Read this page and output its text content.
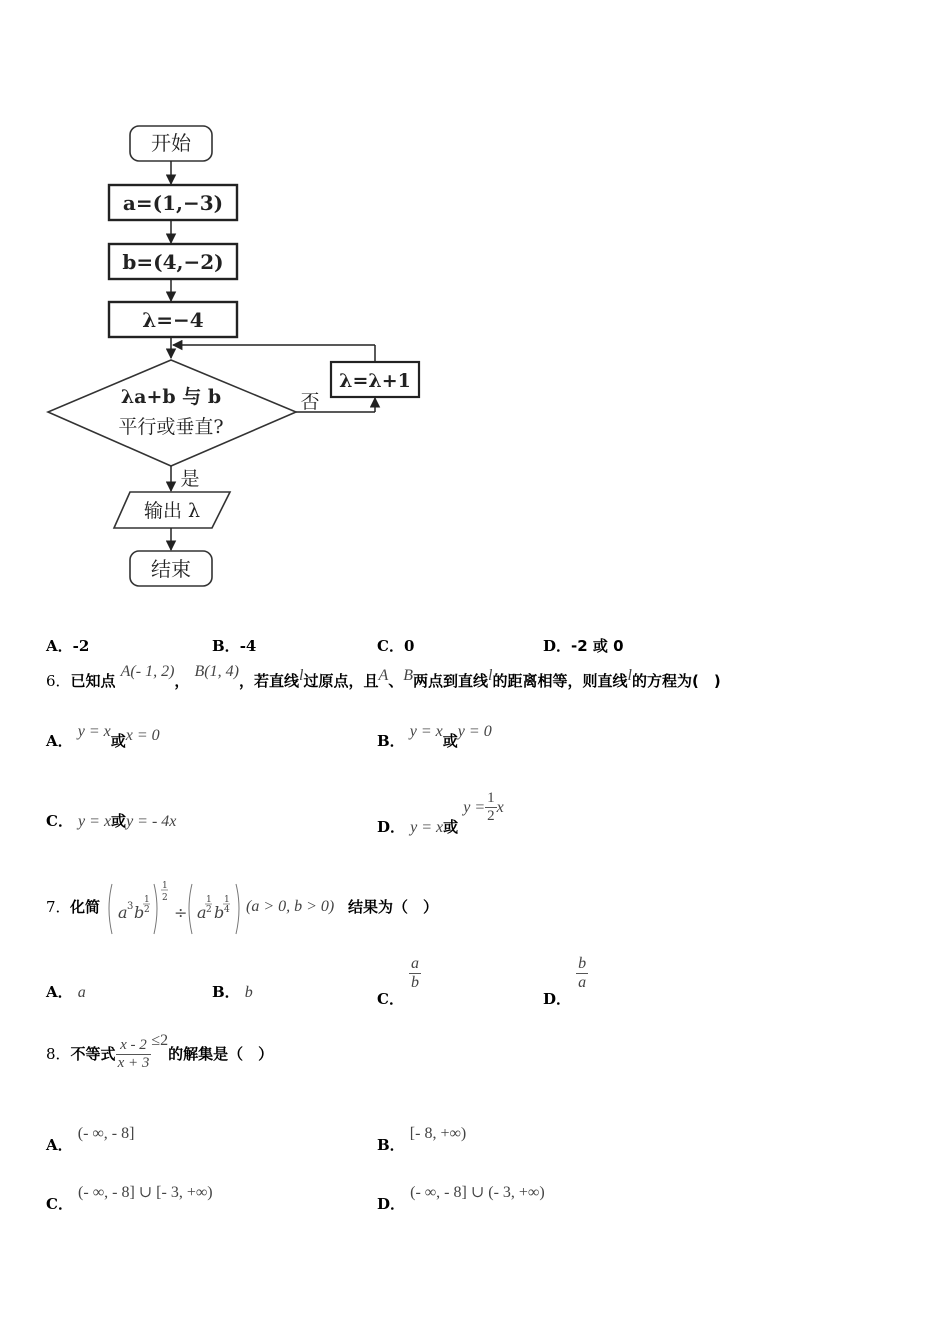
开始
a=(1,−3)
b=(4,−2)
λ=−4
λa+b 与 b
平行或垂直?
否
λ=λ+1
是
输出 λ
结束
A．-2	B．-4	C．0	D．-2 或 0
6．已知点 A(- 1, 2)， B(1, 4)，若直线l过原点，且A、B两点到直线l的距离相等，则直线l的方程为(　)
A． y = x或x = 0	B． y = x或y = 0
C． y = x或y = - 4x	D． y = x或 $y = \frac{1}{2}$ x
7． 化简 a 3 b
1
2
1
2
÷ a
1
2 b
1
4 (a > 0, b > 0) 结果为（　）
A． a	B． b	C．
$\frac{a}{b}$
D．
$\frac{b}{a}$
8．不等式 $\frac{x - 2}{x + 3} \le 2$的解集是（　）
A． (- ∞, - 8]
B． [- 8, +∞)
C． (- ∞, - 8] ∪ [- 3, +∞)
D． (- ∞, - 8] ∪ (- 3, +∞)
